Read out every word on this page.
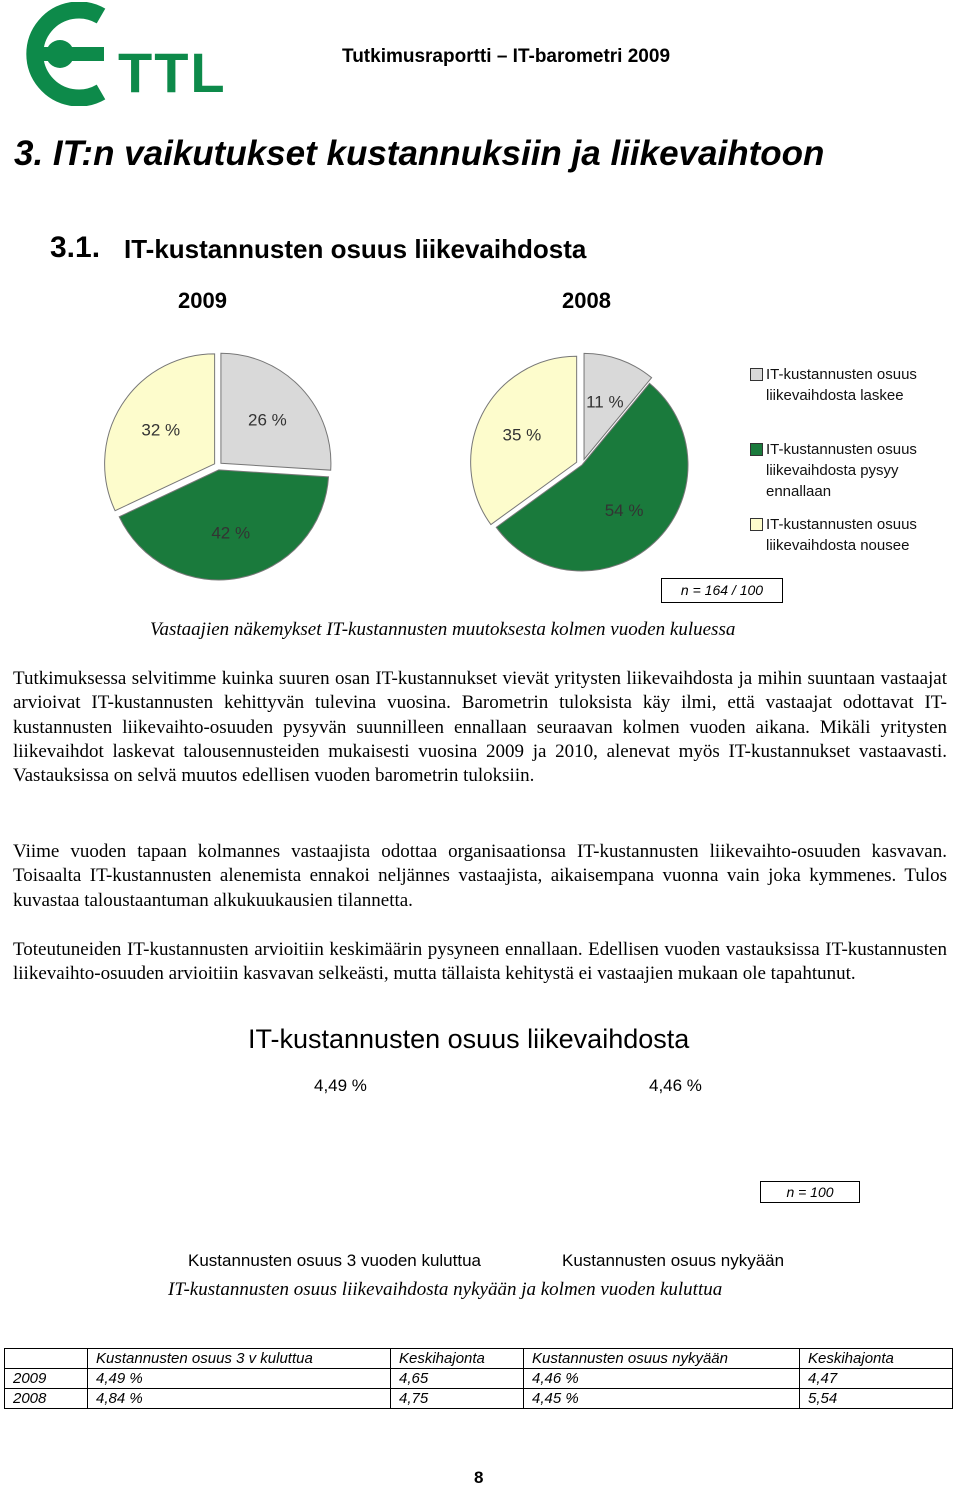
TTL	Tutkimusraportti – IT-barometri 2009
3. IT:n vaikutukset kustannuksiin ja liikevaihtoon
3.1. IT-kustannusten osuus liikevaihdosta
2009	2008
26 %
42 %
32 %
11 %
54 %
35 %
IT-kustannusten osuus liikevaihdosta laskee
IT-kustannusten osuus liikevaihdosta pysyy ennallaan
IT-kustannusten osuus liikevaihdosta nousee
n = 164 / 100
Vastaajien näkemykset IT-kustannusten muutoksesta kolmen vuoden kuluessa
Tutkimuksessa selvitimme kuinka suuren osan IT-kustannukset vievät yritysten liikevaihdosta ja mihin suuntaan vastaajat arvioivat IT-kustannusten kehittyvän tulevina vuosina. Barometrin tuloksista käy ilmi, että vastaajat odottavat IT-kustannusten liikevaihto-osuuden pysyvän suunnilleen ennallaan seuraavan kolmen vuoden aikana. Mikäli yritysten liikevaihdot laskevat talousennusteiden mukaisesti vuosina 2009 ja 2010, alenevat myös IT-kustannukset vastaavasti. Vastauksissa on selvä muutos edellisen vuoden barometrin tuloksiin.
Viime vuoden tapaan kolmannes vastaajista odottaa organisaationsa IT-kustannusten liikevaihto-osuuden kasvavan. Toisaalta IT-kustannusten alenemista ennakoi neljännes vastaajista, aikaisempana vuonna vain joka kymmenes. Tulos kuvastaa taloustaantuman alkukuukausien tilannetta.
Toteutuneiden IT-kustannusten arvioitiin keskimäärin pysyneen ennallaan. Edellisen vuoden vastauksissa IT-kustannusten liikevaihto-osuuden arvioitiin kasvavan selkeästi, mutta tällaista kehitystä ei vastaajien mukaan ole tapahtunut.
IT-kustannusten osuus liikevaihdosta
4,49 %	4,46 %
n = 100
Kustannusten osuus 3 vuoden kuluttua	Kustannusten osuus nykyään
IT-kustannusten osuus liikevaihdosta nykyään ja kolmen vuoden kuluttua
	Kustannusten osuus 3 v kuluttua	Keskihajonta	Kustannusten osuus nykyään	Keskihajonta
2009	4,49 %	4,65	4,46 %	4,47
2008	4,84 %	4,75	4,45 %	5,54
8
